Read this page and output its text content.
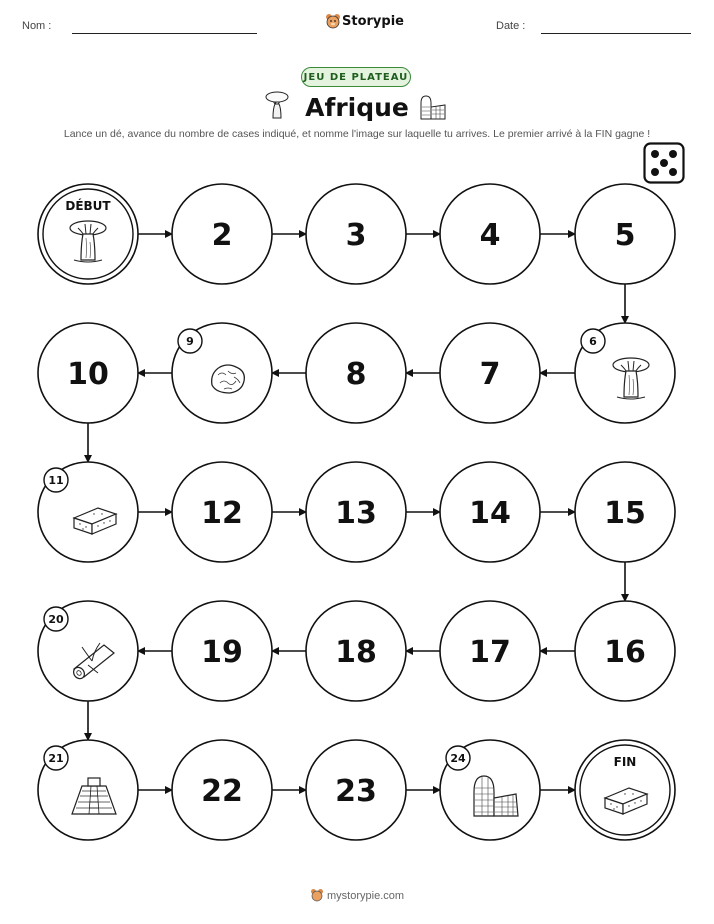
Nom :	Storypie	Date :
JEU DE PLATEAU
Afrique
Lance un dé, avance du nombre de cases indiqué, et nomme l'image sur laquelle tu arrives. Le premier arrivé à la FIN gagne !
DÉBUT
2	3	4	5
6
7
8
9
10
11
12	13	14	15
16
17
18
19
20
21
22	23
24	FIN
mystorypie.com
